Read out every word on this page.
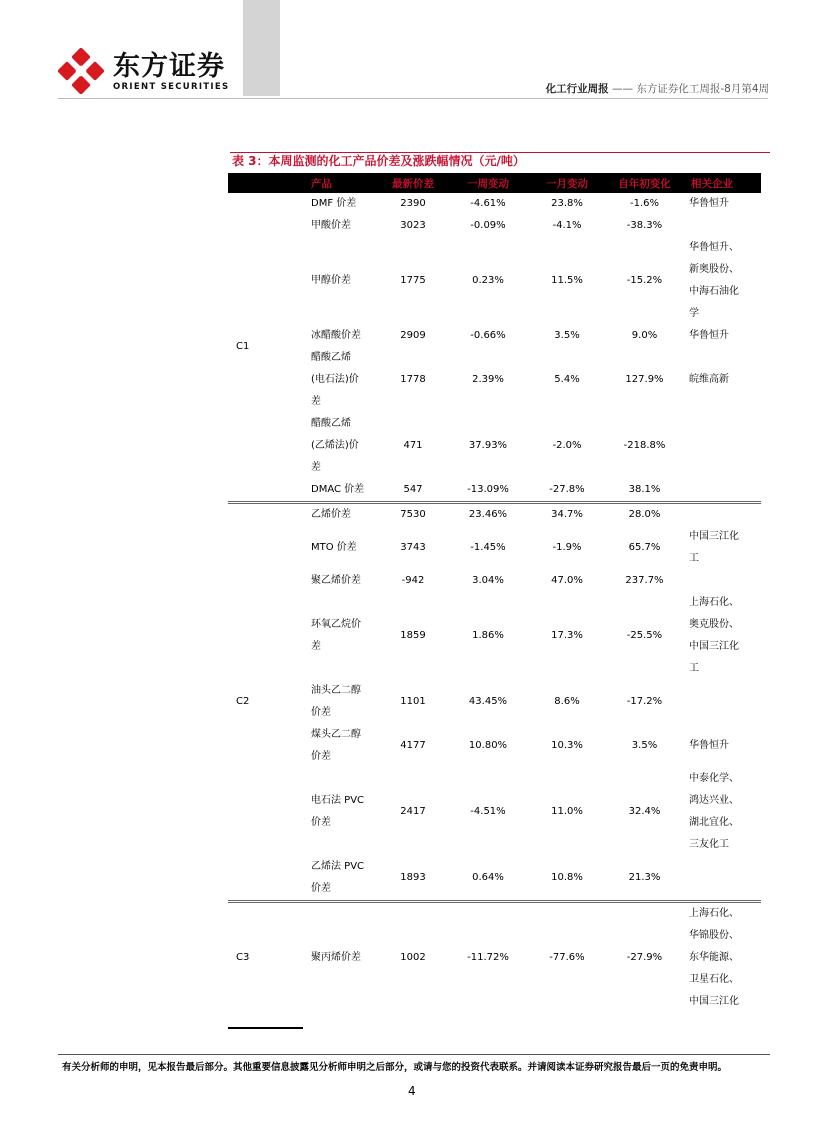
东方证券
ORIENT SECURITIES	化工行业周报 —— 东方证券化工周报-8月第4周
表 3：本周监测的化工产品价差及涨跌幅情况（元/吨）
	产品	最新价差	一周变动	一月变动	自年初变化	相关企业
C1	DMF 价差	2390	-4.61%	23.8%	-1.6%	华鲁恒升
	甲酸价差	3023	-0.09%	-4.1%	-38.3%	
	甲醇价差	1775	0.23%	11.5%	-15.2%	华鲁恒升、
新奥股份、
中海石油化
学
	冰醋酸价差	2909	-0.66%	3.5%	9.0%	华鲁恒升
	醋酸乙烯
(电石法)价
差	1778	2.39%	5.4%	127.9%	皖维高新
	醋酸乙烯
(乙烯法)价
差	471	37.93%	-2.0%	-218.8%	
	DMAC 价差	547	-13.09%	-27.8%	38.1%	
C2	乙烯价差	7530	23.46%	34.7%	28.0%	
	MTO 价差	3743	-1.45%	-1.9%	65.7%	中国三江化
工
	聚乙烯价差	-942	3.04%	47.0%	237.7%	
	环氧乙烷价
差	1859	1.86%	17.3%	-25.5%	上海石化、
奥克股份、
中国三江化
工
	油头乙二醇
价差	1101	43.45%	8.6%	-17.2%	
	煤头乙二醇
价差	4177	10.80%	10.3%	3.5%	华鲁恒升
	电石法 PVC
价差	2417	-4.51%	11.0%	32.4%	中泰化学、
鸿达兴业、
湖北宜化、
三友化工
	乙烯法 PVC
价差	1893	0.64%	10.8%	21.3%	
C3	聚丙烯价差	1002	-11.72%	-77.6%	-27.9%	上海石化、
华锦股份、
东华能源、
卫星石化、
中国三江化
有关分析师的申明，见本报告最后部分。其他重要信息披露见分析师申明之后部分，或请与您的投资代表联系。并请阅读本证券研究报告最后一页的免责申明。
4
